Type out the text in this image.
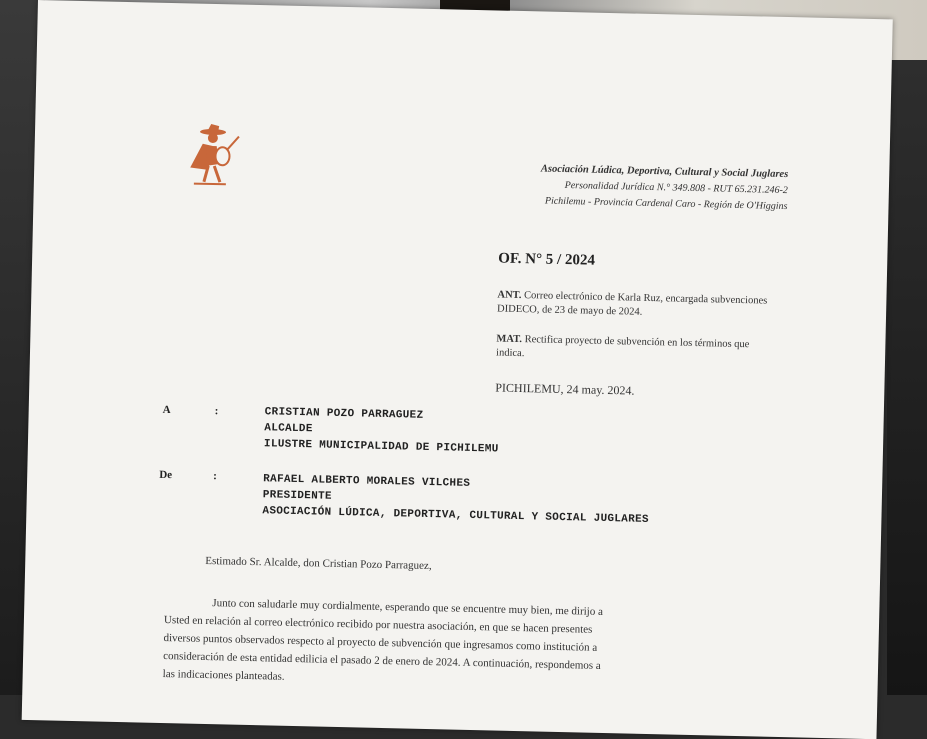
Asociación Lúdica, Deportiva, Cultural y Social Juglares
Personalidad Jurídica N.° 349.808 - RUT 65.231.246-2
Pichilemu - Provincia Cardenal Caro - Región de O'Higgins
OF. N° 5 / 2024
ANT. Correo electrónico de Karla Ruz, encargada subvenciones DIDECO, de 23 de mayo de 2024.
MAT. Rectifica proyecto de subvención en los términos que indica.
PICHILEMU, 24 may. 2024.
A	:	CRISTIAN POZO PARRAGUEZ
ALCALDE
ILUSTRE MUNICIPALIDAD DE PICHILEMU
De	:	RAFAEL ALBERTO MORALES VILCHES
PRESIDENTE
ASOCIACIÓN LÚDICA, DEPORTIVA, CULTURAL Y SOCIAL JUGLARES
Estimado Sr. Alcalde, don Cristian Pozo Parraguez,
Junto con saludarle muy cordialmente, esperando que se encuentre muy bien, me dirijo a
Usted en relación al correo electrónico recibido por nuestra asociación, en que se hacen presentes
diversos puntos observados respecto al proyecto de subvención que ingresamos como institución a
consideración de esta entidad edilicia el pasado 2 de enero de 2024. A continuación, respondemos a
las indicaciones planteadas.
